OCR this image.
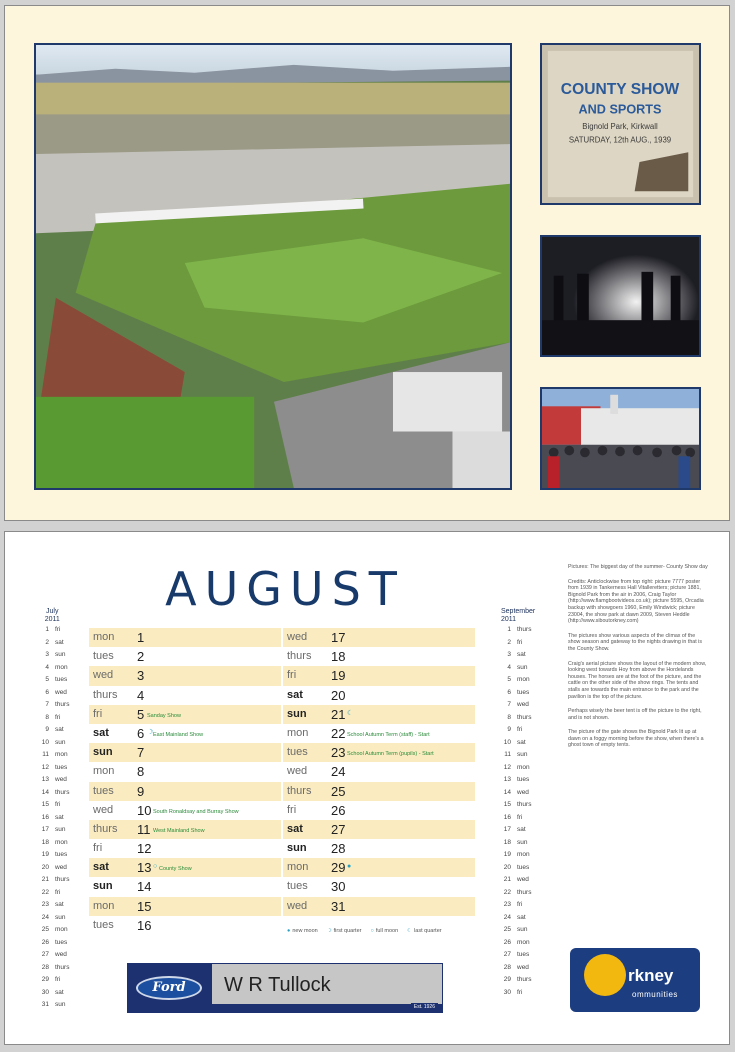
COUNTY SHOW
AND SPORTS
Bignold Park, Kirkwall
SATURDAY, 12th AUG., 1939
AUGUST
July
2011
1 fri
2 sat
3 sun
4 mon
5 tues
6 wed
7 thurs
8 fri
9 sat
10 sun
11 mon
12 tues
13 wed
14 thurs
15 fri
16 sat
17 sun
18 mon
19 tues
20 wed
21 thurs
22 fri
23 sat
24 sun
25 mon
26 tues
27 wed
28 thurs
29 fri
30 sat
31 sun
September
2011
1 thurs
2 fri
3 sat
4 sun
5 mon
6 tues
7 wed
8 thurs
9 fri
10 sat
11 sun
12 mon
13 tues
14 wed
15 thurs
16 fri
17 sat
18 sun
19 mon
20 tues
21 wed
22 thurs
23 fri
24 sat
25 sun
26 mon
27 tues
28 wed
29 thurs
30 fri
mon 1
tues 2
wed 3
thurs 4
fri	5 Sanday Show
sat 6 ☽ East Mainland Show
sun 7
mon 8
tues 9
wed 10 South Ronaldsay and Burray Show
thurs 11 West Mainland Show
fri	12
sat 13 ○ County Show
sun 14
mon 15
tues 16
wed 17
thurs 18
fri	19
sat 20
sun 21 ☾
mon 22 School Autumn Term (staff) - Start
tues 23 School Autumn Term (pupils) - Start
wed 24
thurs 25
fri	26
sat 27
sun 28
mon 29 ●
tues 30
wed 31
● new moon ☽ first quarter ○ full moon ☾ last quarter

Pictures: The biggest day of the summer- County Show day

Credits: Anticlockwise from top right: picture 7777 poster from 1939 in Tankerness Hall Vitalleretters; picture 1881, Bignold Park from the air in 2006, Craig Taylor (http://www.flamgbootvideos.co.uk); picture 5595, Orcadia backup with showgoers 1960, Emily Windwick; picture 23004, the show park at dawn 2009, Steven Heddle (http://www.siboutorkney.com)

The pictures show various aspects of the climax of the show season and gateway to the nights drawing in that is the County Show.

Craig's aerial picture shows the layout of the modern show, looking west towards Hoy from above the Hordelands houses. The horses are at the foot of the picture, and the cattle on the other side of the show rings. The tents and stalls are towards the main entrance to the park and the pavilion is the top of the picture.

Perhaps wisely the beer tent is off the picture to the right, and is not shown.

The picture of the gate shows the Bignold Park lit up at dawn on a foggy morning before the show, when there's a ghost town of empty tents.

Ford	W R Tullock
Est. 1926
rkney
ommunities
